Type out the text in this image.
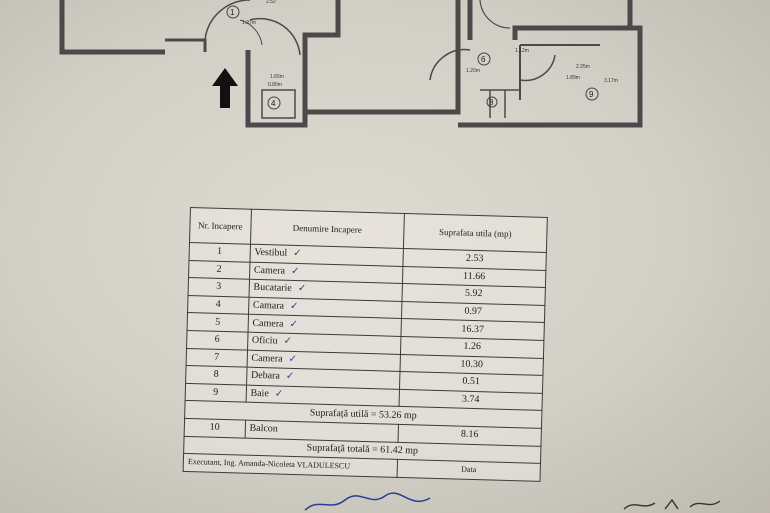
1
4
6
8
9
2.52
1.97m
1.65m
0.80m
1.20m
1.89m
2.25m
3.17m
1.12m
Nr. Incapere	Denumire Incapere	Suprafata utila (mp)
1	Vestibul ✓	2.53
2	Camera ✓	11.66
3	Bucatarie ✓	5.92
4	Camara ✓	0.97
5	Camera ✓	16.37
6	Oficiu ✓	1.26
7	Camera ✓	10.30
8	Debara ✓	0.51
9	Baie ✓	3.74
Suprafață utilă = 53.26 mp		
10	Balcon	8.16
Suprafață totală = 61.42 mp		
Executant, Ing. Amanda-Nicoleta VLADULESCU		Data
